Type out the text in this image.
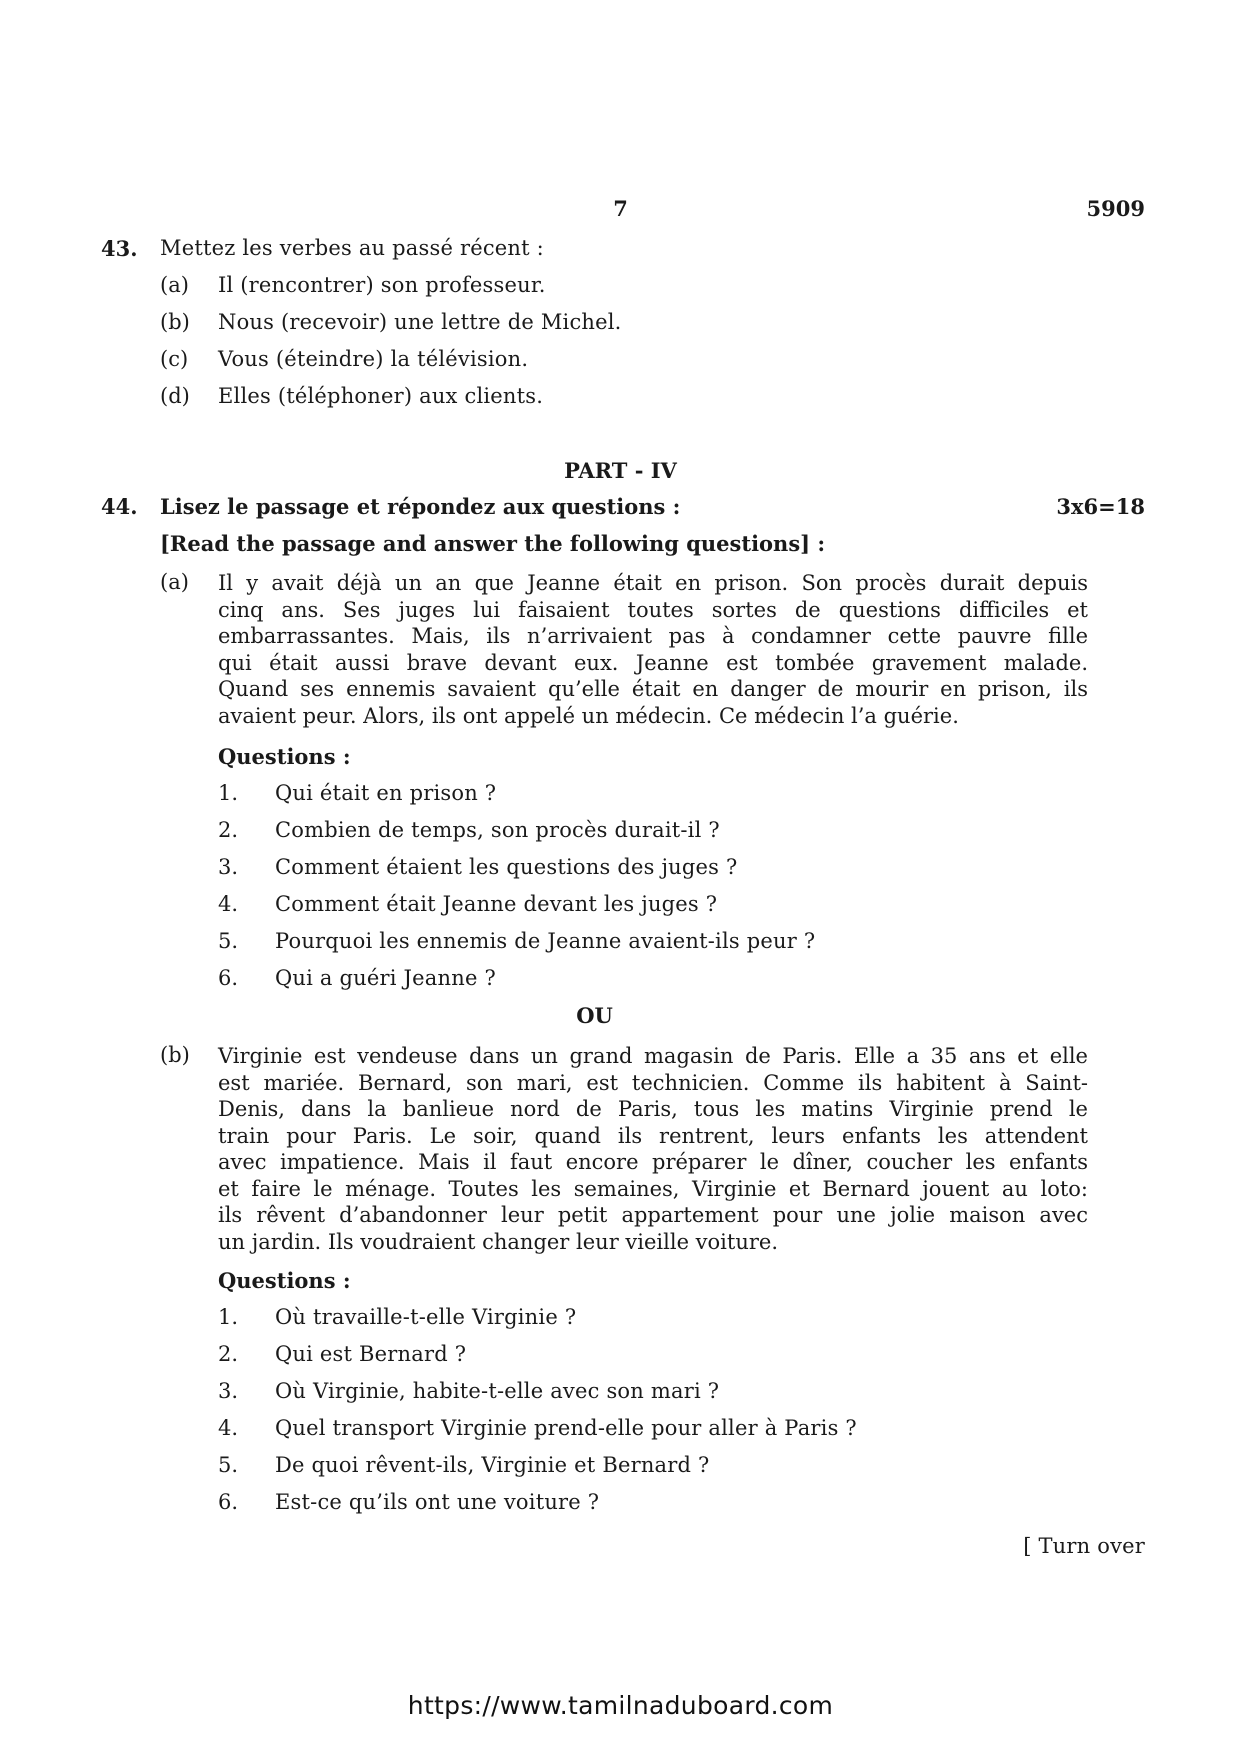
7	5909
43. Mettez les verbes au passé récent :
(a) Il (rencontrer) son professeur.
(b) Nous (recevoir) une lettre de Michel.
(c) Vous (éteindre) la télévision.
(d) Elles (téléphoner) aux clients.
PART - IV
44. Lisez le passage et répondez aux questions :	3x6=18
[Read the passage and answer the following questions] :
(a) Il y avait déjà un an que Jeanne était en prison. Son procès durait depuis
cinq ans. Ses juges lui faisaient toutes sortes de questions difficiles et
embarrassantes. Mais, ils n’arrivaient pas à condamner cette pauvre fille
qui était aussi brave devant eux. Jeanne est tombée gravement malade.
Quand ses ennemis savaient qu’elle était en danger de mourir en prison, ils
avaient peur. Alors, ils ont appelé un médecin. Ce médecin l’a guérie.
Questions :
1. Qui était en prison ?
2. Combien de temps, son procès durait-il ?
3. Comment étaient les questions des juges ?
4. Comment était Jeanne devant les juges ?
5. Pourquoi les ennemis de Jeanne avaient-ils peur ?
6. Qui a guéri Jeanne ?
OU
(b) Virginie est vendeuse dans un grand magasin de Paris. Elle a 35 ans et elle
est mariée. Bernard, son mari, est technicien. Comme ils habitent à Saint-
Denis, dans la banlieue nord de Paris, tous les matins Virginie prend le
train pour Paris. Le soir, quand ils rentrent, leurs enfants les attendent
avec impatience. Mais il faut encore préparer le dîner, coucher les enfants
et faire le ménage. Toutes les semaines, Virginie et Bernard jouent au loto:
ils rêvent d’abandonner leur petit appartement pour une jolie maison avec
un jardin. Ils voudraient changer leur vieille voiture.
Questions :
1. Où travaille-t-elle Virginie ?
2. Qui est Bernard ?
3. Où Virginie, habite-t-elle avec son mari ?
4. Quel transport Virginie prend-elle pour aller à Paris ?
5. De quoi rêvent-ils, Virginie et Bernard ?
6. Est-ce qu’ils ont une voiture ?
[ Turn over
https://www.tamilnaduboard.com
